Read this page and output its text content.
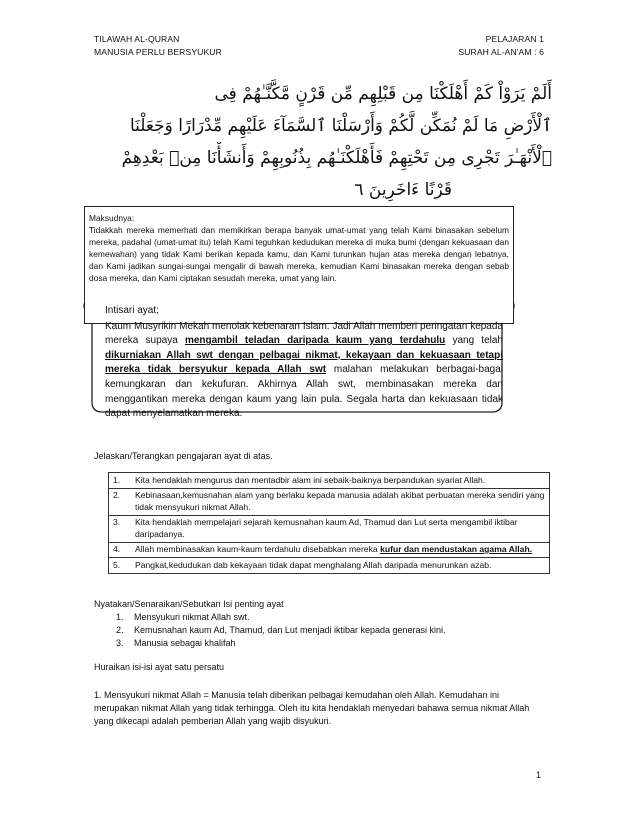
TILAWAH AL-QURAN
MANUSIA PERLU BERSYUKUR
PELAJARAN 1
SURAH AL-AN'AM : 6
أَلَمْ يَرَوْاْ كَمْ أَهْلَكْنَا مِن قَبْلِهِم مِّن قَرْنٍ مَّكَّنَّـٰهُمْ فِى
ٱلْأَرْضِ مَا لَمْ نُمَكِّن لَّكُمْ وَأَرْسَلْنَا ٱلسَّمَآءَ عَلَيْهِم مِّدْرَارًا وَجَعَلْنَا
ٱلْأَنْهَـٰرَ تَجْرِى مِن تَحْتِهِمْ فَأَهْلَكْنَـٰهُم بِذُنُوبِهِمْ وَأَنشَأْنَا مِنۢ بَعْدِهِمْ
قَرْنًا ءَاخَرِينَ ٦
Maksudnya:
Tidakkah mereka memerhati dan memikirkan berapa banyak umat-umat yang telah Kami binasakan sebelum mereka, padahal (umat-umat itu) telah Kami teguhkan kedudukan mereka di muka bumi (dengan kekuasaan dan kemewahan) yang tidak Kami berikan kepada kamu, dan Kami turunkan hujan atas mereka dengan lebatnya, dan Kami jadikan sungai-sungai mengalir di bawah mereka, kemudian Kami binasakan mereka dengan sebab dosa mereka, dan Kami ciptakan sesudah mereka, umat yang lain.
Intisari ayat;
Kaum Musyrikin Mekah menolak kebenaran Islam. Jadi Allah memberi peringatan kepada mereka supaya mengambil teladan daripada kaum yang terdahulu yang telah dikurniakan Allah swt dengan pelbagai nikmat, kekayaan dan kekuasaan tetapi mereka tidak bersyukur kepada Allah swt malahan melakukan berbagai-bagai kemungkaran dan kekufuran. Akhirnya Allah swt, membinasakan mereka dan menggantikan mereka dengan kaum yang lain pula. Segala harta dan kekuasaan tidak dapat menyelamatkan mereka.
Jelaskan/Terangkan pengajaran ayat di atas.
1.	Kita hendaklah mengurus dan mentadbir alam ini sebaik-baiknya berpandukan syariat Allah.
2.	Kebinasaan,kemusnahan alam yang berlaku kepada manusia adalah akibat perbuatan mereka sendiri yang tidak mensyukuri nikmat Allah.
3.	Kita hendaklah mempelajari sejarah kemusnahan kaum Ad, Thamud dan Lut serta mengambil iktibar daripadanya.
4.	Allah membinasakan kaum-kaum terdahulu disebabkan mereka kufur dan mendustakan agama Allah.
5.	Pangkat,kedudukan dab kekayaan tidak dapat menghalang Allah daripada menurunkan azab.
Nyatakan/Senaraikan/Sebutkan Isi penting ayat
1. Mensyukuri nikmat Allah swt.
2. Kemusnahan kaum Ad, Thamud, dan Lut menjadi iktibar kepada generasi kini.
3. Manusia sebagai khalifah
Huraikan isi-isi ayat satu persatu
1. Mensyukuri nikmat Allah = Manusia telah diberikan pelbagai kemudahan oleh Allah. Kemudahan ini merupakan nikmat Allah yang tidak terhingga. Oleh itu kita hendaklah menyedari bahawa semua nikmat Allah yang dikecapi adalah pemberian Allah yang wajib disyukuri.
1
